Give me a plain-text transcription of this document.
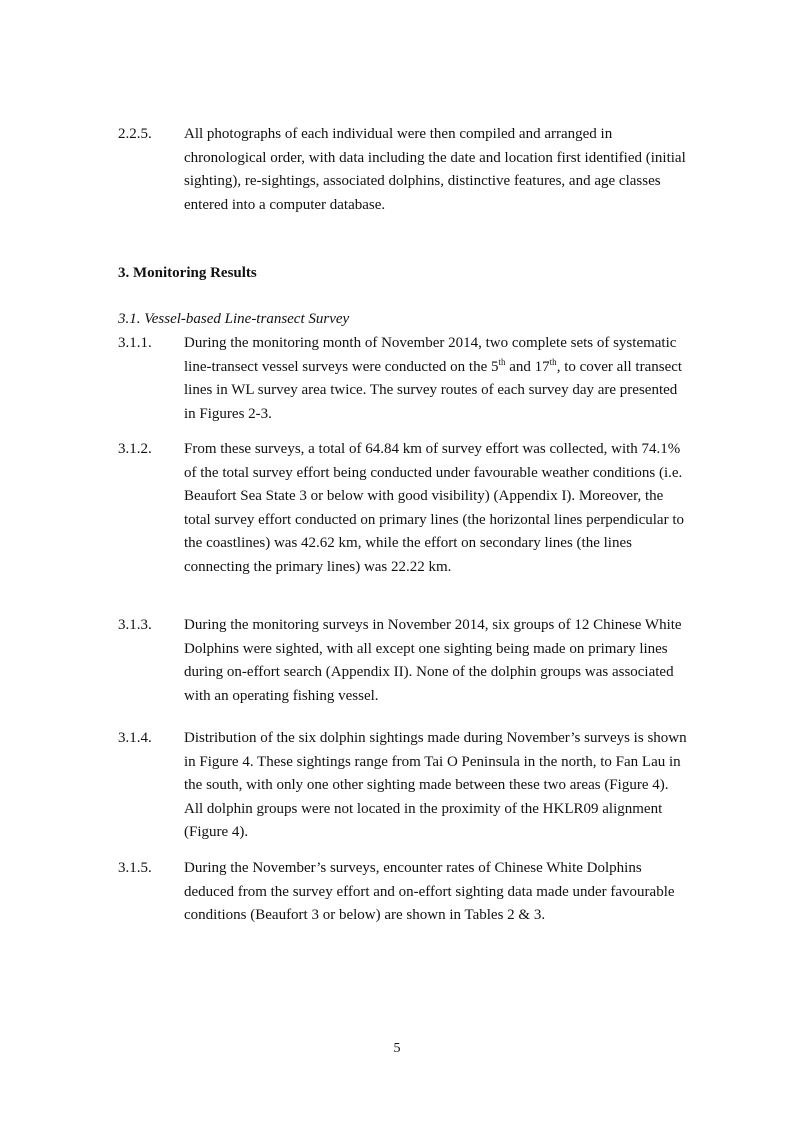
2.2.5. All photographs of each individual were then compiled and arranged in chronological order, with data including the date and location first identified (initial sighting), re-sightings, associated dolphins, distinctive features, and age classes entered into a computer database.
3. Monitoring Results
3.1. Vessel-based Line-transect Survey
3.1.1. During the monitoring month of November 2014, two complete sets of systematic line-transect vessel surveys were conducted on the 5th and 17th, to cover all transect lines in WL survey area twice. The survey routes of each survey day are presented in Figures 2-3.
3.1.2. From these surveys, a total of 64.84 km of survey effort was collected, with 74.1% of the total survey effort being conducted under favourable weather conditions (i.e. Beaufort Sea State 3 or below with good visibility) (Appendix I). Moreover, the total survey effort conducted on primary lines (the horizontal lines perpendicular to the coastlines) was 42.62 km, while the effort on secondary lines (the lines connecting the primary lines) was 22.22 km.
3.1.3. During the monitoring surveys in November 2014, six groups of 12 Chinese White Dolphins were sighted, with all except one sighting being made on primary lines during on-effort search (Appendix II). None of the dolphin groups was associated with an operating fishing vessel.
3.1.4. Distribution of the six dolphin sightings made during November’s surveys is shown in Figure 4. These sightings range from Tai O Peninsula in the north, to Fan Lau in the south, with only one other sighting made between these two areas (Figure 4). All dolphin groups were not located in the proximity of the HKLR09 alignment (Figure 4).
3.1.5. During the November’s surveys, encounter rates of Chinese White Dolphins deduced from the survey effort and on-effort sighting data made under favourable conditions (Beaufort 3 or below) are shown in Tables 2 & 3.
5
